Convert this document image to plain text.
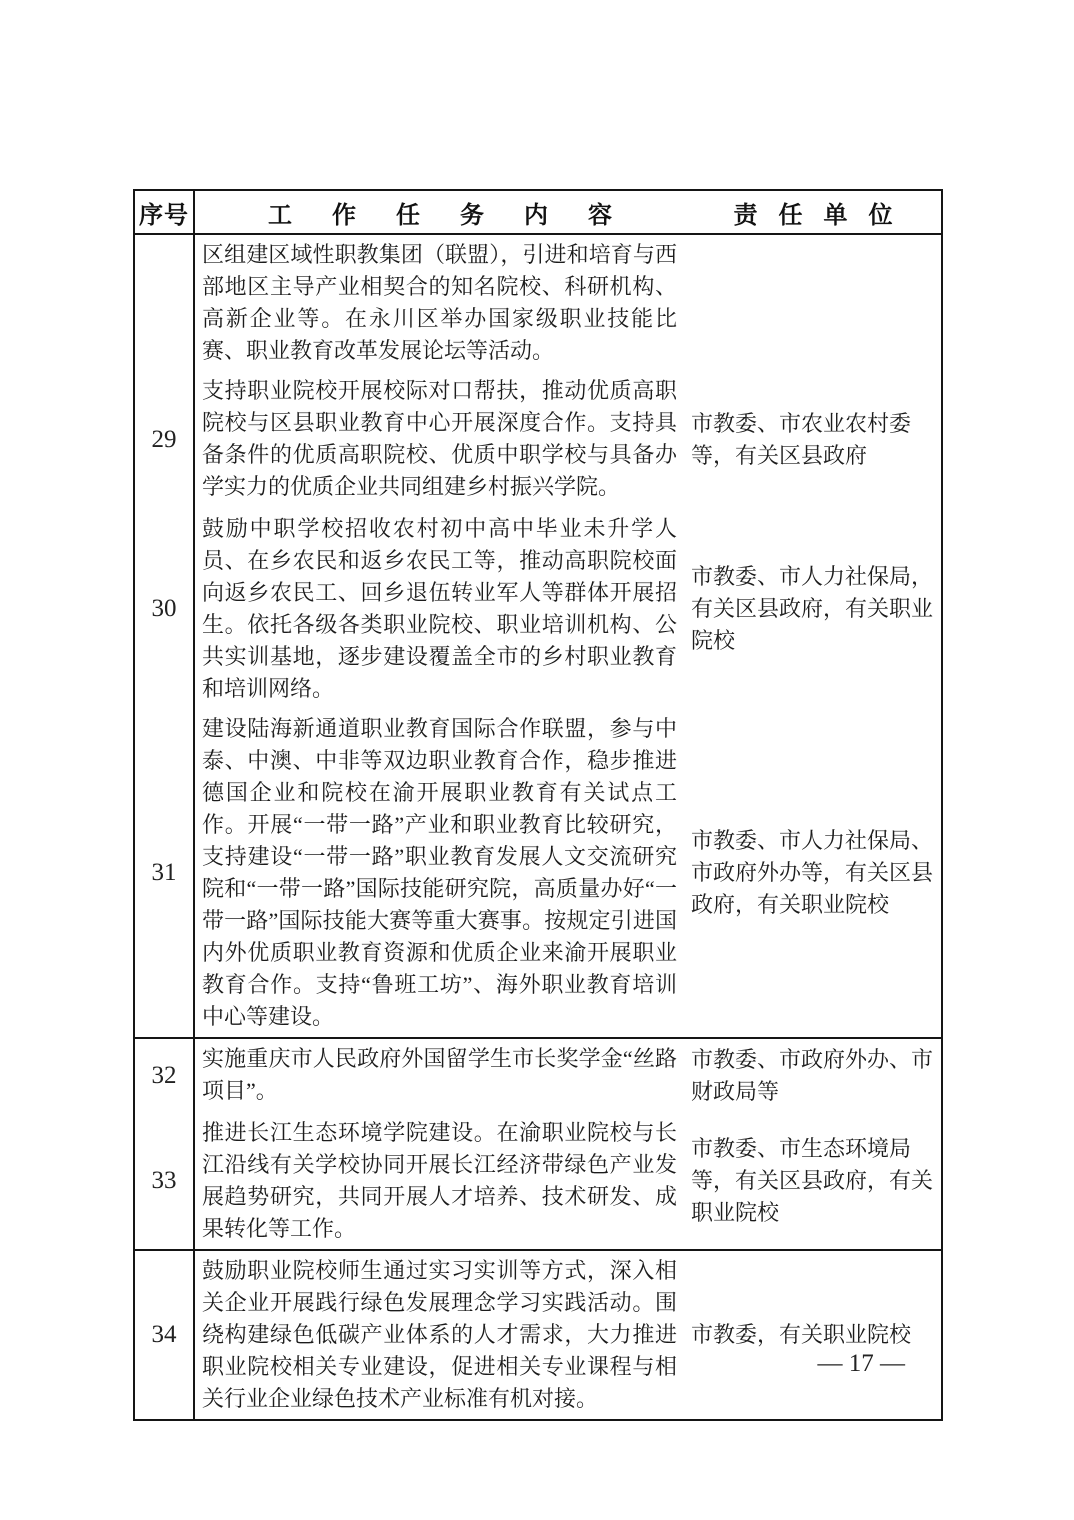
序号	工作任务内容	责任单位
区组建区域性职教集团（联盟），引进和培育与西部地区主导产业相契合的知名院校、科研机构、高新企业等。在永川区举办国家级职业技能比赛、职业教育改革发展论坛等活动。
29
支持职业院校开展校际对口帮扶，推动优质高职院校与区县职业教育中心开展深度合作。支持具备条件的优质高职院校、优质中职学校与具备办学实力的优质企业共同组建乡村振兴学院。
市教委、市农业农村委等，有关区县政府
30
鼓励中职学校招收农村初中高中毕业未升学人员、在乡农民和返乡农民工等，推动高职院校面向返乡农民工、回乡退伍转业军人等群体开展招生。依托各级各类职业院校、职业培训机构、公共实训基地，逐步建设覆盖全市的乡村职业教育和培训网络。
市教委、市人力社保局，有关区县政府，有关职业院校
31
建设陆海新通道职业教育国际合作联盟，参与中泰、中澳、中非等双边职业教育合作，稳步推进德国企业和院校在渝开展职业教育有关试点工作。开展“一带一路”产业和职业教育比较研究，支持建设“一带一路”职业教育发展人文交流研究院和“一带一路”国际技能研究院，高质量办好“一带一路”国际技能大赛等重大赛事。按规定引进国内外优质职业教育资源和优质企业来渝开展职业教育合作。支持“鲁班工坊”、海外职业教育培训中心等建设。
市教委、市人力社保局、市政府外办等，有关区县政府，有关职业院校
32
实施重庆市人民政府外国留学生市长奖学金“丝路项目”。
市教委、市政府外办、市财政局等
33
推进长江生态环境学院建设。在渝职业院校与长江沿线有关学校协同开展长江经济带绿色产业发展趋势研究，共同开展人才培养、技术研发、成果转化等工作。
市教委、市生态环境局等，有关区县政府，有关职业院校
34
鼓励职业院校师生通过实习实训等方式，深入相关企业开展践行绿色发展理念学习实践活动。围绕构建绿色低碳产业体系的人才需求，大力推进职业院校相关专业建设，促进相关专业课程与相关行业企业绿色技术产业标准有机对接。
市教委，有关职业院校
— 17 —
